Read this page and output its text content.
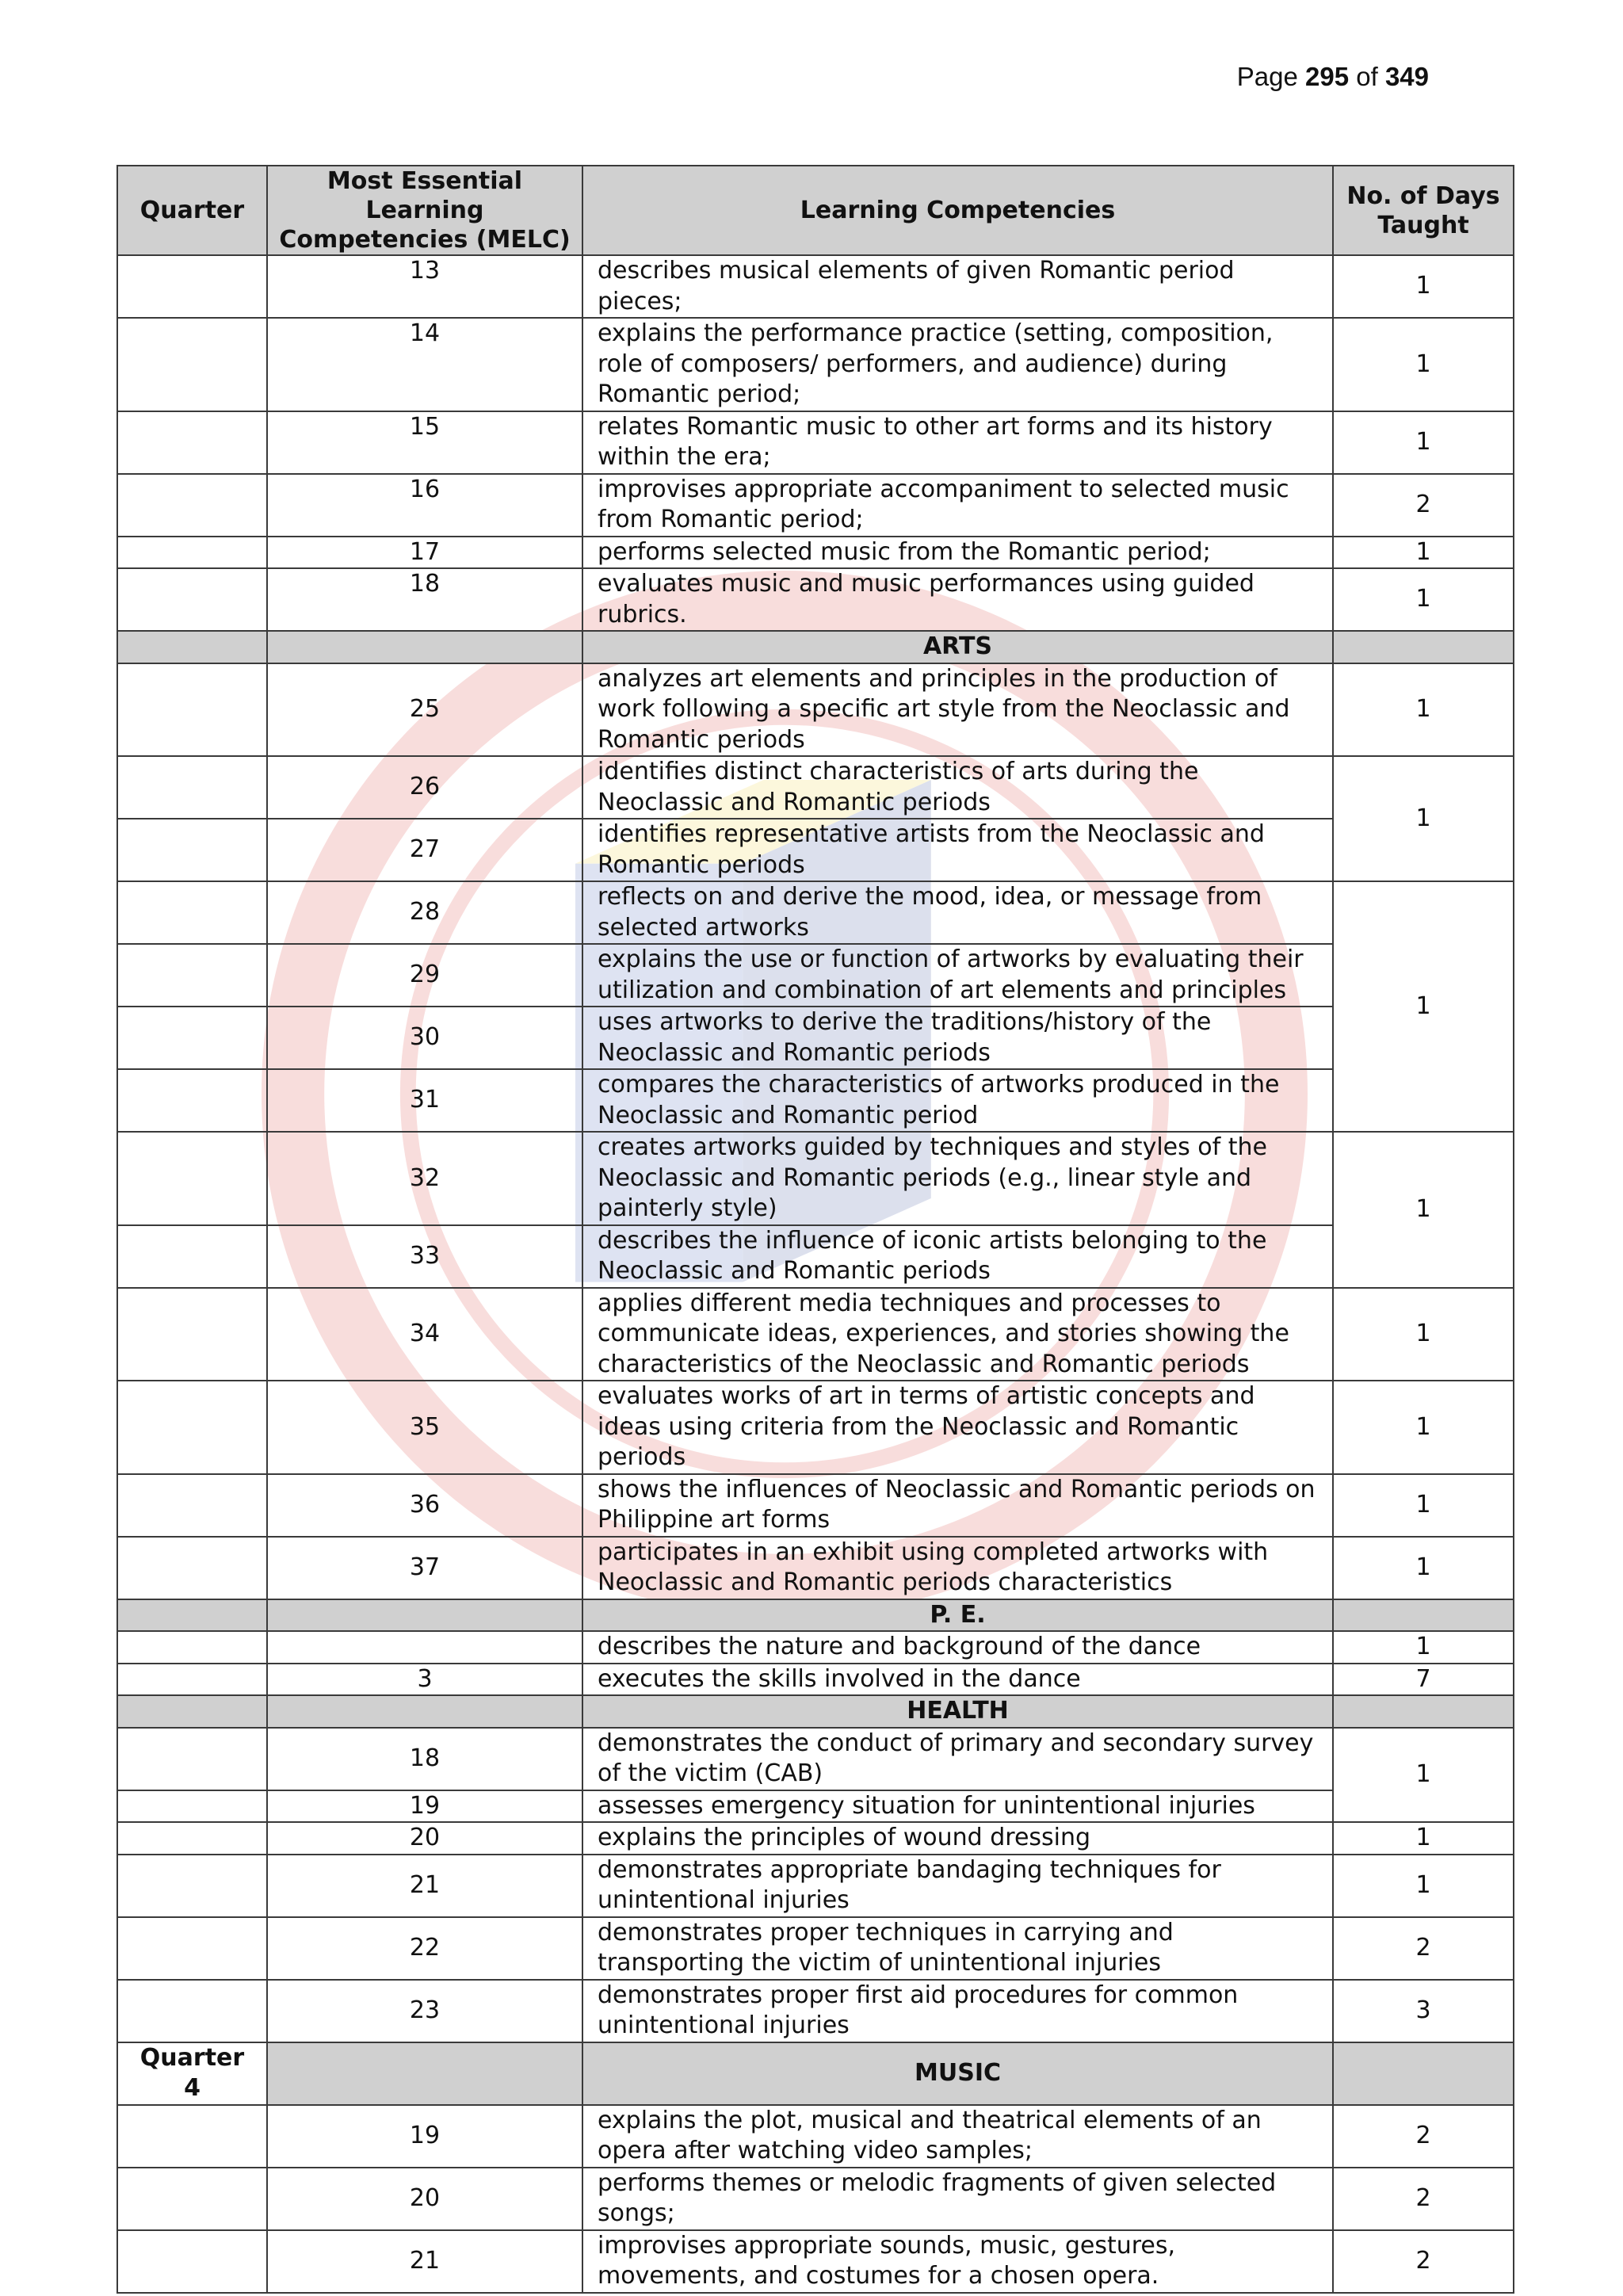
Page 295 of 349
Quarter	Most Essential Learning Competencies (MELC)	Learning Competencies	No. of Days Taught
	13	describes musical elements of given Romantic period pieces;	1
	14	explains the performance practice (setting, composition, role of composers/ performers, and audience) during Romantic period;	1
	15	relates Romantic music to other art forms and its history within the era;	1
	16	improvises appropriate accompaniment to selected music from Romantic period;	2
	17	performs selected music from the Romantic period;	1
	18	evaluates music and music performances using guided rubrics.	1
		ARTS	
	25	analyzes art elements and principles in the production of work following a specific art style from the Neoclassic and Romantic periods	1
	26	identifies distinct characteristics of arts during the Neoclassic and Romantic periods	1
	27	identifies representative artists from the Neoclassic and Romantic periods	
	28	reflects on and derive the mood, idea, or message from selected artworks	1
	29	explains the use or function of artworks by evaluating their utilization and combination of art elements and principles	
	30	uses artworks to derive the traditions/history of the Neoclassic and Romantic periods	
	31	compares the characteristics of artworks produced in the Neoclassic and Romantic period	
	32	creates artworks guided by techniques and styles of the Neoclassic and Romantic periods (e.g., linear style and painterly style)	1
	33	describes the influence of iconic artists belonging to the Neoclassic and Romantic periods	
	34	applies different media techniques and processes to communicate ideas, experiences, and stories showing the characteristics of the Neoclassic and Romantic periods	1
	35	evaluates works of art in terms of artistic concepts and ideas using criteria from the Neoclassic and Romantic periods	1
	36	shows the influences of Neoclassic and Romantic periods on Philippine art forms	1
	37	participates in an exhibit using completed artworks with Neoclassic and Romantic periods characteristics	1
		P. E.	
		describes the nature and background of the dance	1
	3	executes the skills involved in the dance	7
		HEALTH	
	18	demonstrates the conduct of primary and secondary survey of the victim (CAB)	1
	19	assesses emergency situation for unintentional injuries	
	20	explains the principles of wound dressing	1
	21	demonstrates appropriate bandaging techniques for unintentional injuries	1
	22	demonstrates proper techniques in carrying and transporting the victim of unintentional injuries	2
	23	demonstrates proper first aid procedures for common unintentional injuries	3
Quarter 4		MUSIC	
	19	explains the plot, musical and theatrical elements of an opera after watching video samples;	2
	20	performs themes or melodic fragments of given selected songs;	2
	21	improvises appropriate sounds, music, gestures, movements, and costumes for a chosen opera.	2
